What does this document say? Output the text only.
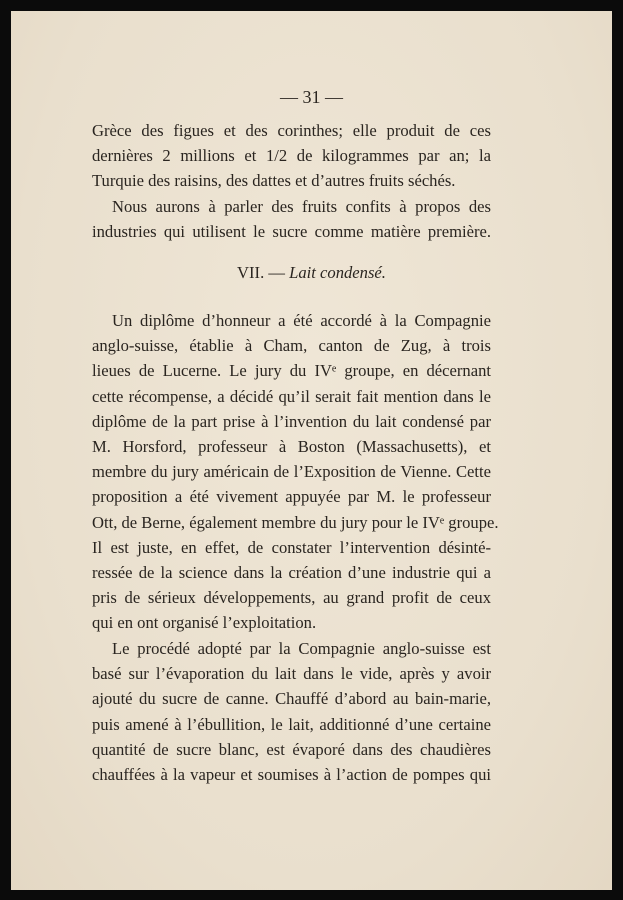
— 31 —
Grèce des figues et des corinthes; elle produit de ces
dernières 2 millions et 1/2 de kilogrammes par an; la
Turquie des raisins, des dattes et d’autres fruits séchés.
Nous aurons à parler des fruits confits à propos des
industries qui utilisent le sucre comme matière première.
VII. — Lait condensé.
Un diplôme d’honneur a été accordé à la Compagnie
anglo-suisse, établie à Cham, canton de Zug, à trois
lieues de Lucerne. Le jury du IVᵉ groupe, en décernant
cette récompense, a décidé qu’il serait fait mention dans le
diplôme de la part prise à l’invention du lait condensé par
M. Horsford, professeur à Boston (Massachusetts), et
membre du jury américain de l’Exposition de Vienne. Cette
proposition a été vivement appuyée par M. le professeur
Ott, de Berne, également membre du jury pour le IVᵉ groupe.
Il est juste, en effet, de constater l’intervention désinté-
ressée de la science dans la création d’une industrie qui a
pris de sérieux développements, au grand profit de ceux
qui en ont organisé l’exploitation.
Le procédé adopté par la Compagnie anglo-suisse est
basé sur l’évaporation du lait dans le vide, après y avoir
ajouté du sucre de canne. Chauffé d’abord au bain-marie,
puis amené à l’ébullition, le lait, additionné d’une certaine
quantité de sucre blanc, est évaporé dans des chaudières
chauffées à la vapeur et soumises à l’action de pompes qui
